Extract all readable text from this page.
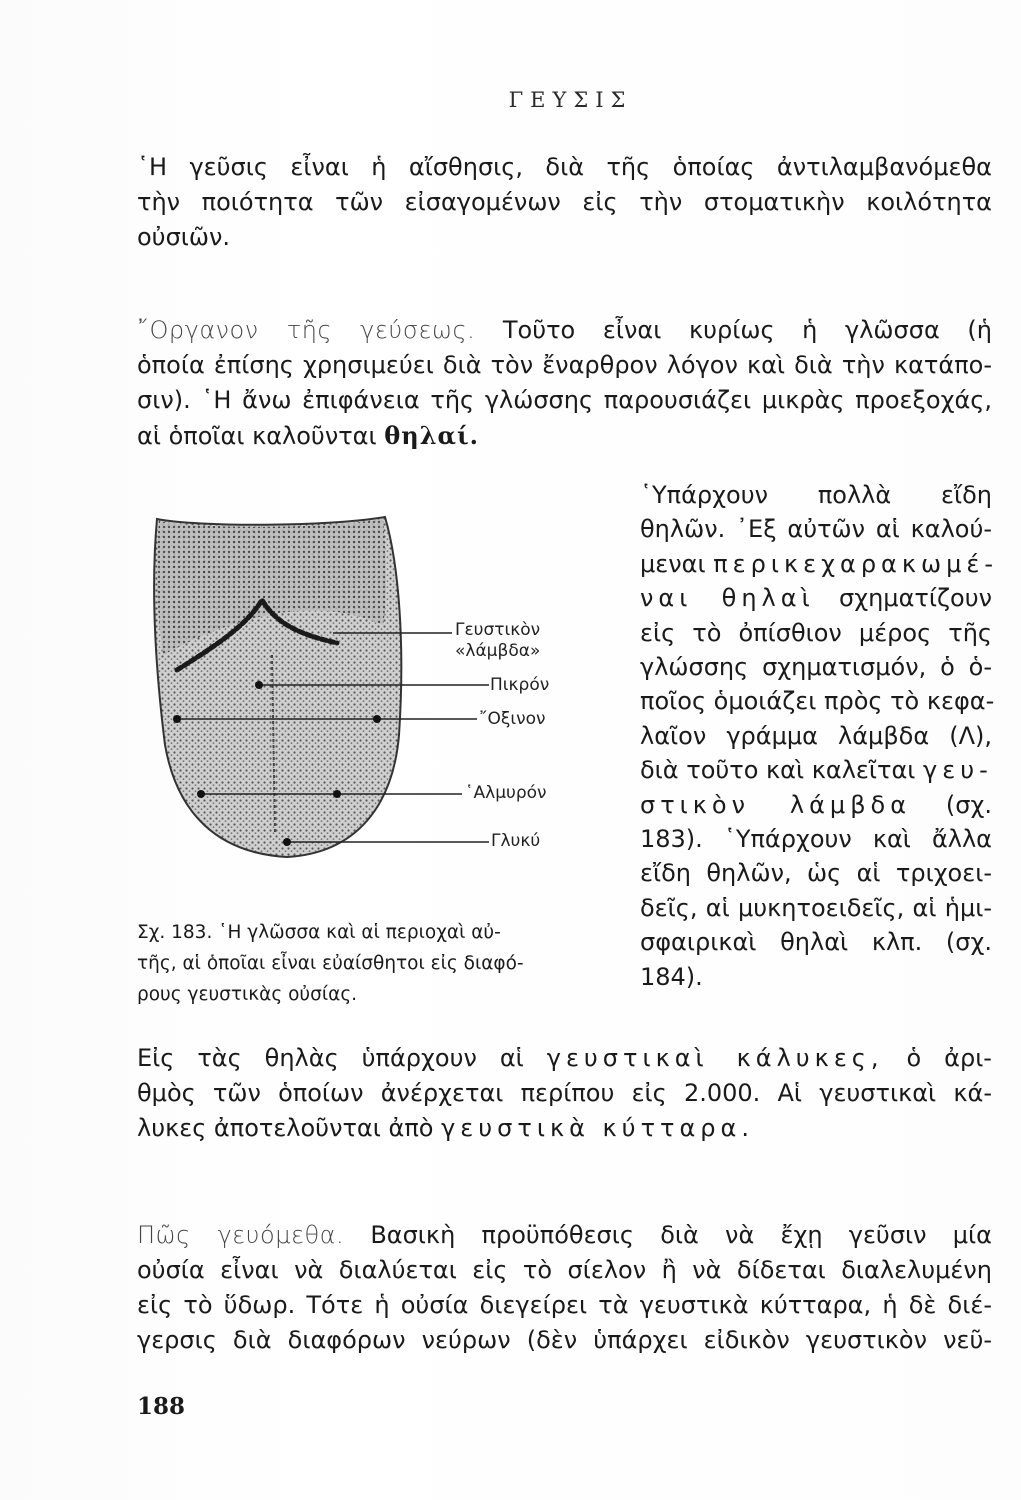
ΓΕΥΣΙΣ

῾Η γεῦσις εἶναι ἡ αἴσθησις, διὰ τῆς ὁποίας ἀντιλαμβανόμεθα
τὴν ποιότητα τῶν εἰσαγομένων εἰς τὴν στοματικὴν κοιλότητα
οὐσιῶν.

῎Οργανον τῆς γεύσεως. Τοῦτο εἶναι κυρίως ἡ γλῶσσα (ἡ
ὁποία ἐπίσης χρησιμεύει διὰ τὸν ἔναρθρον λόγον καὶ διὰ τὴν κατάπο-
σιν). ῾Η ἄνω ἐπιφάνεια τῆς γλώσσης παρουσιάζει μικρὰς προεξοχάς,
αἱ ὁποῖαι καλοῦνται θηλαί.

Γευστικὸν
«λάμβδα»
Πικρόν
῎Οξινον
῾Αλμυρόν
Γλυκύ

Σχ. 183. ῾Η γλῶσσα καὶ αἱ περιοχαὶ αὐ-
τῆς, αἱ ὁποῖαι εἶναι εὐαίσθητοι εἰς διαφό-
ρους γευστικὰς οὐσίας.

῾Υπάρχουν πολλὰ εἴδη
θηλῶν. ᾿Εξ αὐτῶν αἱ καλού-
μεναι περικεχαρακωμέ-
ναι θηλαὶ σχηματίζουν
εἰς τὸ ὀπίσθιον μέρος τῆς
γλώσσης σχηματισμόν, ὁ ὁ-
ποῖος ὁμοιάζει πρὸς τὸ κεφα-
λαῖον γράμμα λάμβδα (Λ),
διὰ τοῦτο καὶ καλεῖται γευ-
στικὸν λάμβδα (σχ.
183). ῾Υπάρχουν καὶ ἄλλα
εἴδη θηλῶν, ὡς αἱ τριχοει-
δεῖς, αἱ μυκητοειδεῖς, αἱ ἡμι-
σφαιρικαὶ θηλαὶ κλπ. (σχ.
184).

Εἰς τὰς θηλὰς ὑπάρχουν αἱ γευστικαὶ κάλυκες, ὁ ἀρι-
θμὸς τῶν ὁποίων ἀνέρχεται περίπου εἰς 2.000. Αἱ γευστικαὶ κά-
λυκες ἀποτελοῦνται ἀπὸ γευστικὰ κύτταρα.

Πῶς γευόμεθα. Βασικὴ προϋπόθεσις διὰ νὰ ἔχῃ γεῦσιν μία
οὐσία εἶναι νὰ διαλύεται εἰς τὸ σίελον ἢ νὰ δίδεται διαλελυμένη
εἰς τὸ ὕδωρ. Τότε ἡ οὐσία διεγείρει τὰ γευστικὰ κύτταρα, ἡ δὲ διέ-
γερσις διὰ διαφόρων νεύρων (δὲν ὑπάρχει εἰδικὸν γευστικὸν νεῦ-

188
